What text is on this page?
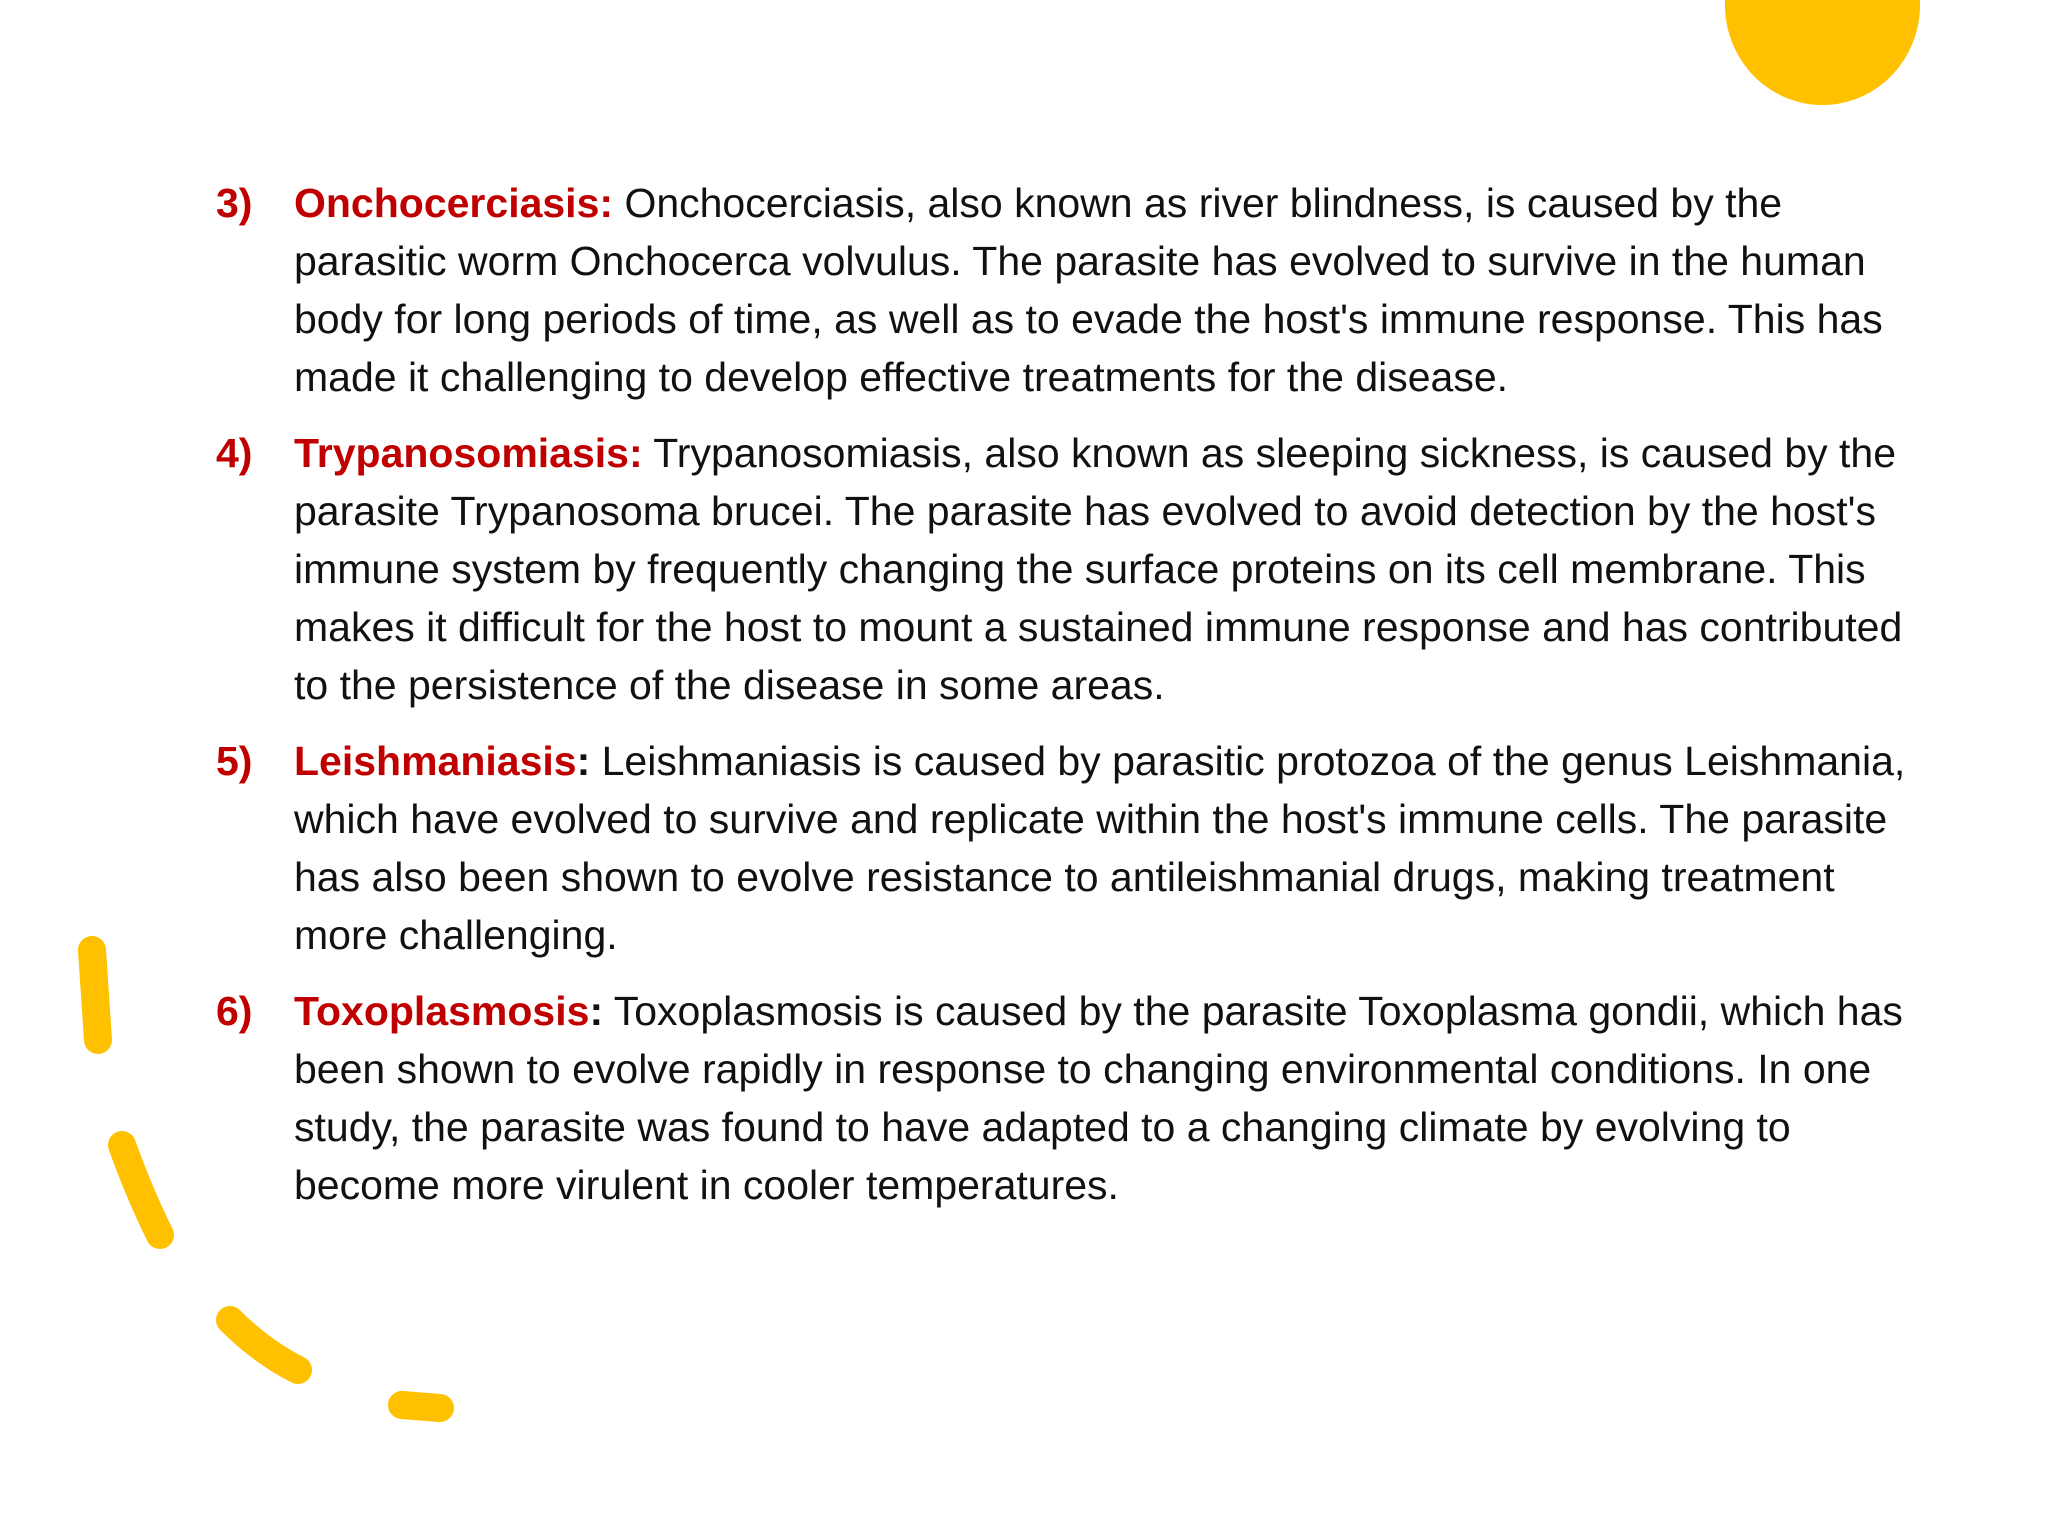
3)	Onchocerciasis: Onchocerciasis, also known as river blindness, is caused by the parasitic worm Onchocerca volvulus. The parasite has evolved to survive in the human body for long periods of time, as well as to evade the host's immune response. This has made it challenging to develop effective treatments for the disease.
4)	Trypanosomiasis: Trypanosomiasis, also known as sleeping sickness, is caused by the parasite Trypanosoma brucei. The parasite has evolved to avoid detection by the host's immune system by frequently changing the surface proteins on its cell membrane. This makes it difficult for the host to mount a sustained immune response and has contributed to the persistence of the disease in some areas.
5)	Leishmaniasis: Leishmaniasis is caused by parasitic protozoa of the genus Leishmania, which have evolved to survive and replicate within the host's immune cells. The parasite has also been shown to evolve resistance to antileishmanial drugs, making treatment more challenging.
6)	Toxoplasmosis: Toxoplasmosis is caused by the parasite Toxoplasma gondii, which has been shown to evolve rapidly in response to changing environmental conditions. In one study, the parasite was found to have adapted to a changing climate by evolving to become more virulent in cooler temperatures.
